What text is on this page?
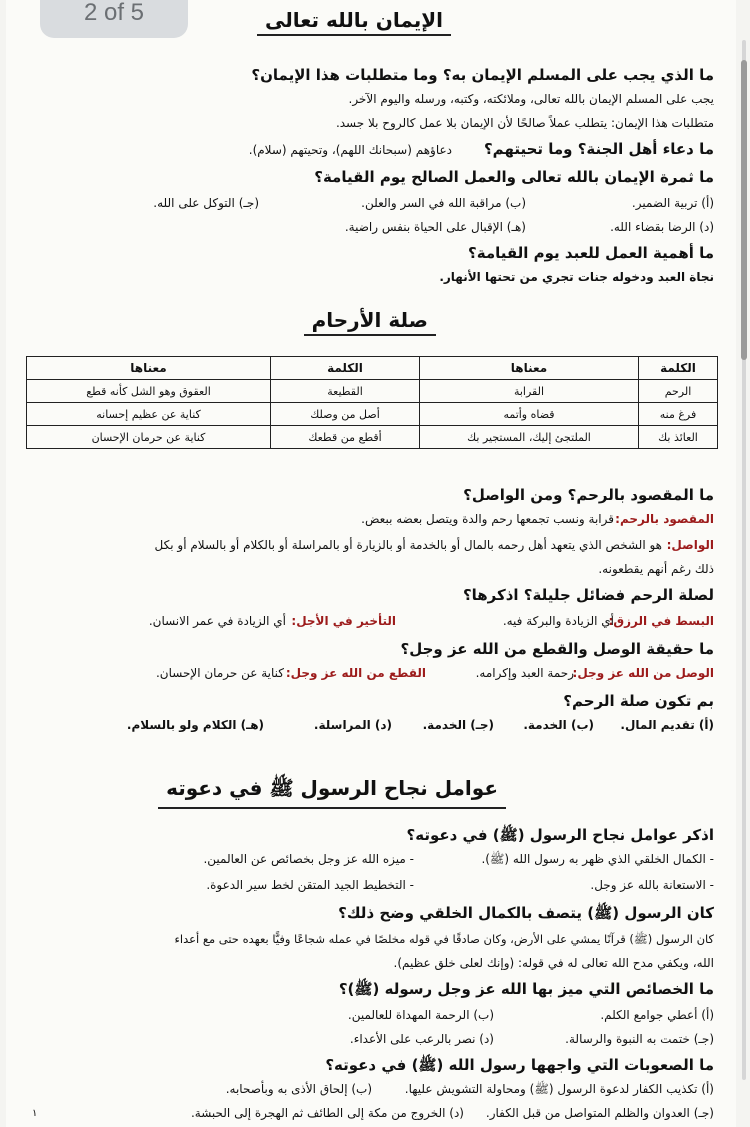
الإيمان بالله تعالى
ما الذي يجب على المسلم الإيمان به؟ وما متطلبات هذا الإيمان؟
يجب على المسلم الإيمان بالله تعالى، وملائكته، وكتبه، ورسله واليوم الآخر.
متطلبات هذا الإيمان: يتطلب عملاً صالحًا لأن الإيمان بلا عمل كالروح بلا جسد.
ما دعاء أهل الجنة؟ وما تحيتهم؟
دعاؤهم (سبحانك اللهم)، وتحيتهم (سلام).
ما ثمرة الإيمان بالله تعالى والعمل الصالح يوم القيامة؟
(أ) تربية الضمير.
(ب) مراقبة الله في السر والعلن.
(جـ) التوكل على الله.
(د) الرضا بقضاء الله.
(هـ) الإقبال على الحياة بنفس راضية.
ما أهمية العمل للعبد يوم القيامة؟
نجاة العبد ودخوله جنات تجري من تحتها الأنهار.
صلة الأرحام
الكلمة	معناها	الكلمة	معناها
الرحم	القرابة	القطيعة	العقوق وهو الشل كأنه قطع
فرغ منه	قضاه وأتمه	أصل من وصلك	كناية عن عظيم إحسانه
العائذ بك	الملتجئ إليك، المستجير بك	أقطع من قطعك	كناية عن حرمان الإحسان
ما المقصود بالرحم؟ ومن الواصل؟
المقصود بالرحم:
قرابة ونسب تجمعها رحم والدة ويتصل بعضه ببعض.
الواصل:
هو الشخص الذي يتعهد أهل رحمه بالمال أو بالخدمة أو بالزيارة أو بالمراسلة أو بالكلام أو بالسلام أو بكل
ذلك رغم أنهم يقطعونه.
لصلة الرحم فضائل جليلة؟ اذكرها؟
البسط في الرزق:
أي الزيادة والبركة فيه.
التأخير في الأجل:
أي الزيادة في عمر الانسان.
ما حقيقة الوصل والقطع من الله عز وجل؟
الوصل من الله عز وجل:
رحمة العبد وإكرامه.
القطع من الله عز وجل:
كناية عن حرمان الإحسان.
بم تكون صلة الرحم؟
(أ) تقديم المال.
(ب) الخدمة.
(جـ) الخدمة.
(د) المراسلة.
(هـ) الكلام ولو بالسلام.
عوامل نجاح الرسول ﷺ في دعوته
اذكر عوامل نجاح الرسول (ﷺ) في دعوته؟
- الكمال الخلقي الذي ظهر به رسول الله (ﷺ).
- ميزه الله عز وجل بخصائص عن العالمين.
- الاستعانة بالله عز وجل.
- التخطيط الجيد المتقن لخط سير الدعوة.
كان الرسول (ﷺ) يتصف بالكمال الخلقي وضح ذلك؟
كان الرسول (ﷺ) قرآنًا يمشي على الأرض، وكان صادقًا في قوله مخلصًا في عمله شجاعًا وفيًّا بعهده حتى مع أعداء
الله، ويكفي مدح الله تعالى له في قوله: (وإنك لعلى خلق عظيم).
ما الخصائص التي ميز بها الله عز وجل رسوله (ﷺ)؟
(أ) أعطي جوامع الكلم.
(ب) الرحمة المهداة للعالمين.
(جـ) ختمت به النبوة والرسالة.
(د) نصر بالرعب على الأعداء.
ما الصعوبات التي واجهها رسول الله (ﷺ) في دعوته؟
(أ) تكذيب الكفار لدعوة الرسول (ﷺ) ومحاولة التشويش عليها.
(ب) إلحاق الأذى به وبأصحابه.
(جـ) العدوان والظلم المتواصل من قبل الكفار.
(د) الخروج من مكة إلى الطائف ثم الهجرة إلى الحبشة.
١
2 of 5
